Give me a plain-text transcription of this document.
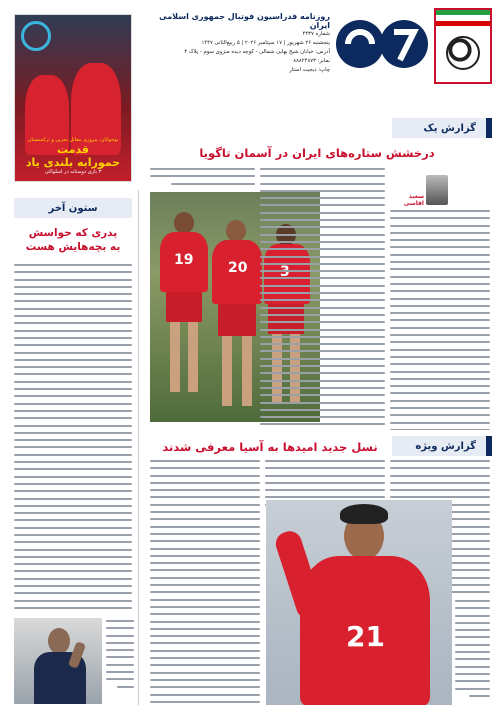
روزنامه فدراسیون فوتبال جمهوری اسلامی ایران
شماره ۴۴۳۷
پنجشنبه ۲۶ شهریور | ۱۷ سپتامبر ۲۰۲۶ | ۵ ربیع‌الثانی ۱۴۴۷
آدرس: خیابان شیخ بهایی شمالی - کوچه دیده منزوی سوم - پلاک ۴
نمابر: ۸۸۸۲۴۸۷۳
چاپ: دیجیت استار
نوجوانان، پیروزی مقابل بحرین و ترکمنستان
قدمت
حمورابه بلندی یاد
۳ بازی دوستانه در اسلواکی
گزارش یک
ستون آخر
درخشش ستاره‌های ایران در آسمان تاگویا
سعید اقاسی
19 20
گزارش ویژه
نسل جدید امید‌ها به آسیا معرفی شدند
21
پدری که حواسش
به بچه‌هایش هست
